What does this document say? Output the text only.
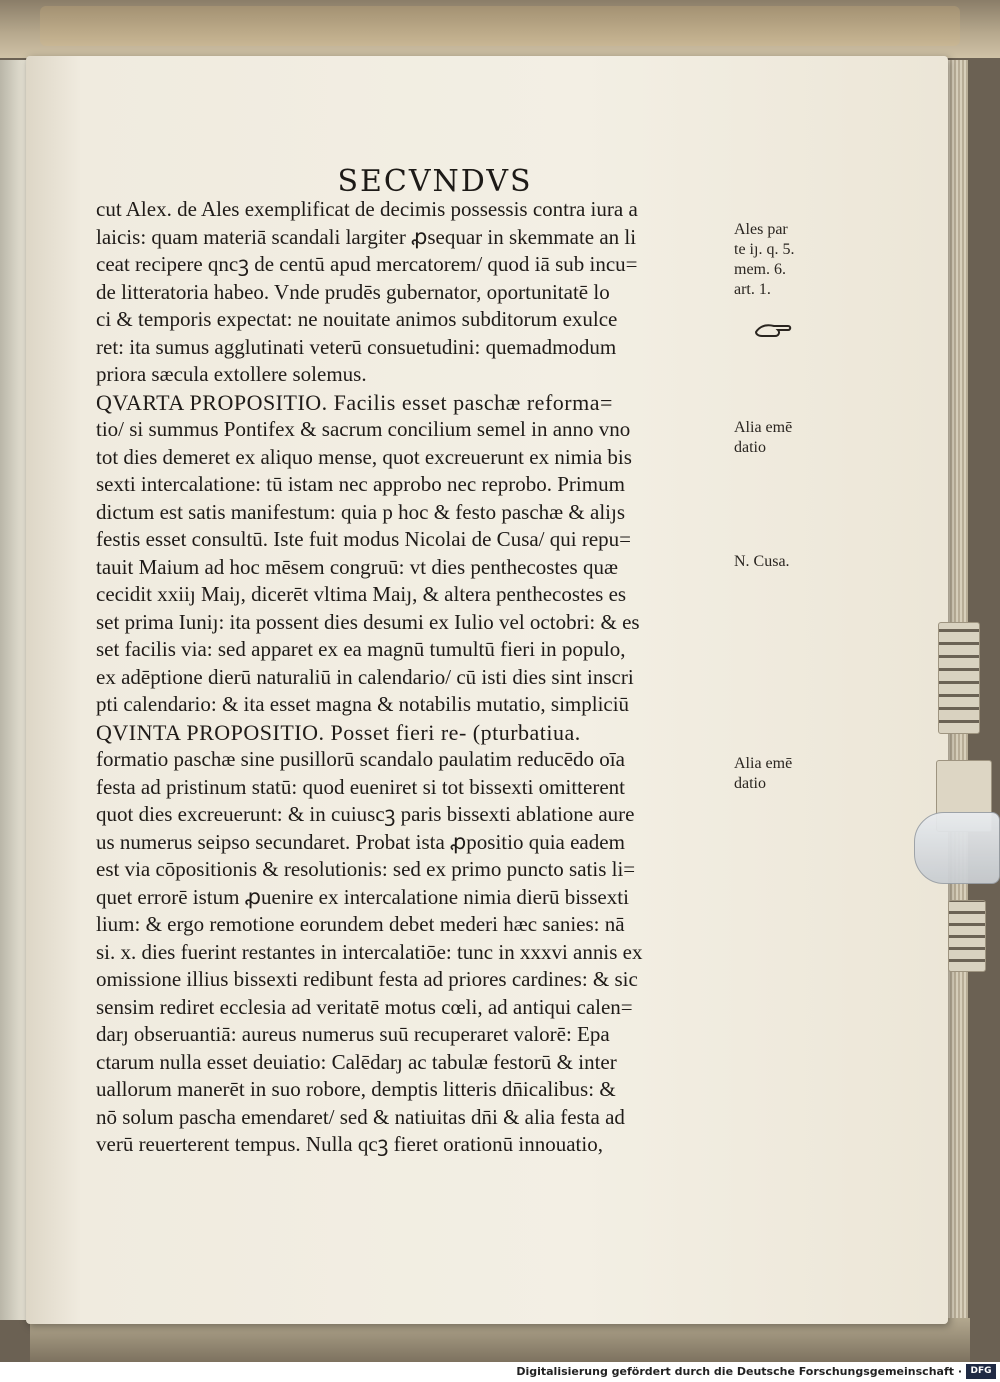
SECVNDVS
cut Alex. de Ales exemplificat de decimis possessis contra iura a
laicis: quam materiā scandali largiter ꝓsequar in skemmate an li
ceat recipere qncꝫ de centū apud mercatorem/ quod iā sub incu=
de litteratoria habeo. Vnde prudēs gubernator, oportunitatē lo
ci & temporis expectat: ne nouitate animos subditorum exulce
ret: ita sumus agglutinati veterū consuetudini: quemadmodum
priora sæcula extollere solemus.
QVARTA PROPOSITIO. Facilis esset paschæ reforma=
tio/ si summus Pontifex & sacrum concilium semel in anno vno
tot dies demeret ex aliquo mense, quot excreuerunt ex nimia bis
sexti intercalatione: tū istam nec approbo nec reprobo. Primum
dictum est satis manifestum: quia p hoc & festo paschæ & aliȷs
festis esset consultū. Iste fuit modus Nicolai de Cusa/ qui repu=
tauit Maium ad hoc mēsem congruū: vt dies penthecostes quæ
cecidit xxiiȷ Maiȷ, dicerēt vltima Maiȷ, & altera penthecostes es
set prima Iuniȷ: ita possent dies desumi ex Iulio vel octobri: & es
set facilis via: sed apparet ex ea magnū tumultū fieri in populo,
ex adēptione dierū naturaliū in calendario/ cū isti dies sint inscri
pti calendario: & ita esset magna & notabilis mutatio, simpliciū
QVINTA PROPOSITIO. Posset fieri re- (pturbatiua.
formatio paschæ sine pusillorū scandalo paulatim reducēdo oīa
festa ad pristinum statū: quod eueniret si tot bissexti omitterent
quot dies excreuerunt: & in cuiuscꝫ paris bissexti ablatione aure
us numerus seipso secundaret. Probat ista ꝓpositio quia eadem
est via cōpositionis & resolutionis: sed ex primo puncto satis li=
quet errorē istum ꝓuenire ex intercalatione nimia dierū bissexti
lium: & ergo remotione eorundem debet mederi hæc sanies: nā
si. x. dies fuerint restantes in intercalatiōe: tunc in xxxvi annis ex
omissione illius bissexti redibunt festa ad priores cardines: & sic
sensim rediret ecclesia ad veritatē motus cœli, ad antiqui calen=
darȷ obseruantiā: aureus numerus suū recuperaret valorē: Epa
ctarum nulla esset deuiatio: Calēdarȷ ac tabulæ festorū & inter
uallorum manerēt in suo robore, demptis litteris dn̄icalibus: &
nō solum pascha emendaret/ sed & natiuitas dn̄i & alia festa ad
verū reuerterent tempus. Nulla qcꝫ fieret orationū innouatio,
Ales par
te iȷ. q. 5.
mem. 6.
art. 1.
Alia emē
datio
N. Cusa.
Alia emē
datio
Digitalisierung gefördert durch die Deutsche Forschungsgemeinschaft · DFG
